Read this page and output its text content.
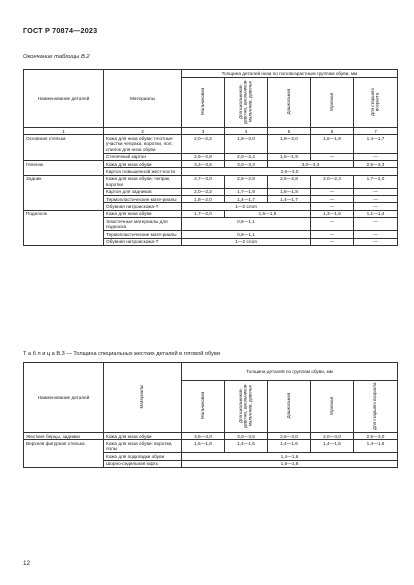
ГОСТ Р 70874—2023
Окончание таблицы В.2
Наименование деталей	Материалы	Толщина деталей низа по половозрастным группам обуви, мм				
		Мальчиковая	Для школьников-девочек, школьников-мальчиков, девичья	Дошкольная	Мужская	Для старшего возраста
1	2	3	4	5	6	7
Основная стелька	Кожа для низа обуви: плотные участки чепрака, воротки, пол; спилок для низа обуви	2,0—2,2	1,8—2,0	1,8—2,0	1,6—1,9	1,4—1,7
	Стелечный картон	2,5—2,8	2,0—2,4	1,5—1,9	—	—
Геленок	Кожа для низа обуви	3,2—3,5	3,0—3,3	3,0—3,3		2,5—3,3
	Картон повышенной жест-кости	2,6—3,0				
Задник	Кожа для низа обуви: чепрак, воротки	2,7—3,0	2,5—2,8	2,5—2,8	2,0—2,3	1,7—2,0
	Картон для задников	2,0—2,2	1,7—1,9	1,6—1,8	—	—
	Термопластические мате-риалы	1,8—2,0	1,4—1,7	1,4—1,7	—	—
	Обувная нитроискожа-Т	1—2 слоя			—	—
Подносок	Кожа для низа обуви	1,7—2,0	1,5—1,8		1,3—1,6	1,1—1,4
	Эластичные материалы для подноска	0,8—1,1			—	—
	Термопластические мате-риалы	0,8—1,1			—	—
	Обувная нитроискожа-Т	1—2 слоя			—	—
Т а б л и ц а В.3 — Толщина специальных жестких деталей в готовой обуви
Наименование деталей	Материалы	Толщина деталей по группам обуви, мм				
		Мальчиковая	Для школьников-девочек, школьников-мальчиков, девичья	Дошкольная	Мужская	Для старшего возраста
Жесткие берцы, задники	Кожа для низа обуви	3,5—4,0	3,0—3,5	2,5—3,0	2,0—3,0	2,5—3,0
Верхняя фигурная стелька	Кожа для низа обуви: воротки, полы	1,6—1,8	1,4—1,6	1,4—1,6	1,4—1,6	1,4—1,6
	Кожа для подкладки обуви	1,4—1,6				
	Шорно-седельная юфть	1,5—1,8				
12
